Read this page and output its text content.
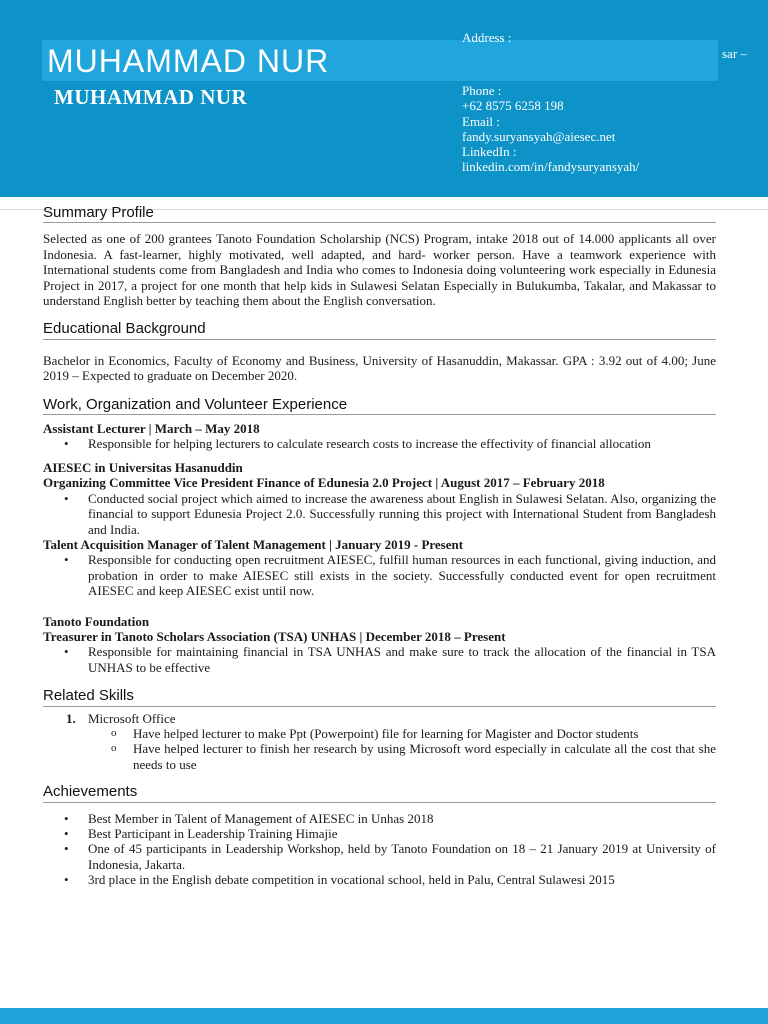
MUHAMMAD NUR
MUHAMMAD NUR
Address :
Phone :
+62 8575 6258 198
Email :
fandy.suryansyah@aiesec.net
LinkedIn :
linkedin.com/in/fandysuryansyah/
sar –
Summary Profile

Selected as one of 200 grantees Tanoto Foundation Scholarship (NCS) Program, intake 2018 out of 14.000 applicants all over Indonesia. A fast-learner, highly motivated, well adapted, and hard- worker person. Have a teamwork experience with International students come from Bangladesh and India who comes to Indonesia doing volunteering work especially in Edunesia Project in 2017, a project for one month that help kids in Sulawesi Selatan Especially in Bulukumba, Takalar, and Makassar to understand English better by teaching them about the English conversation.

Educational Background

Bachelor in Economics, Faculty of Economy and Business, University of Hasanuddin, Makassar. GPA : 3.92 out of 4.00; June 2019 – Expected to graduate on December 2020.

Work, Organization and Volunteer Experience
Assistant Lecturer | March – May 2018
• Responsible for helping lecturers to calculate research costs to increase the effectivity of financial allocation
AIESEC in Universitas Hasanuddin
Organizing Committee Vice President Finance of Edunesia 2.0 Project | August 2017 – February 2018
• Conducted social project which aimed to increase the awareness about English in Sulawesi Selatan. Also, organizing the financial to support Edunesia Project 2.0. Successfully running this project with International Student from Bangladesh and India.
Talent Acquisition Manager of Talent Management | January 2019 - Present
• Responsible for conducting open recruitment AIESEC, fulfill human resources in each functional, giving induction, and probation in order to make AIESEC still exists in the society. Successfully conducted event for open recruitment AIESEC and keep AIESEC exist until now.
Tanoto Foundation
Treasurer in Tanoto Scholars Association (TSA) UNHAS | December 2018 – Present
• Responsible for maintaining financial in TSA UNHAS and make sure to track the allocation of the financial in TSA UNHAS to be effective
Related Skills
1. Microsoft Office
o Have helped lecturer to make Ppt (Powerpoint) file for learning for Magister and Doctor students
o Have helped lecturer to finish her research by using Microsoft word especially in calculate all the cost that she needs to use
Achievements
• Best Member in Talent of Management of AIESEC in Unhas 2018
• Best Participant in Leadership Training Himajie
• One of 45 participants in Leadership Workshop, held by Tanoto Foundation on 18 – 21 January 2019 at University of Indonesia, Jakarta.
• 3rd place in the English debate competition in vocational school, held in Palu, Central Sulawesi 2015
